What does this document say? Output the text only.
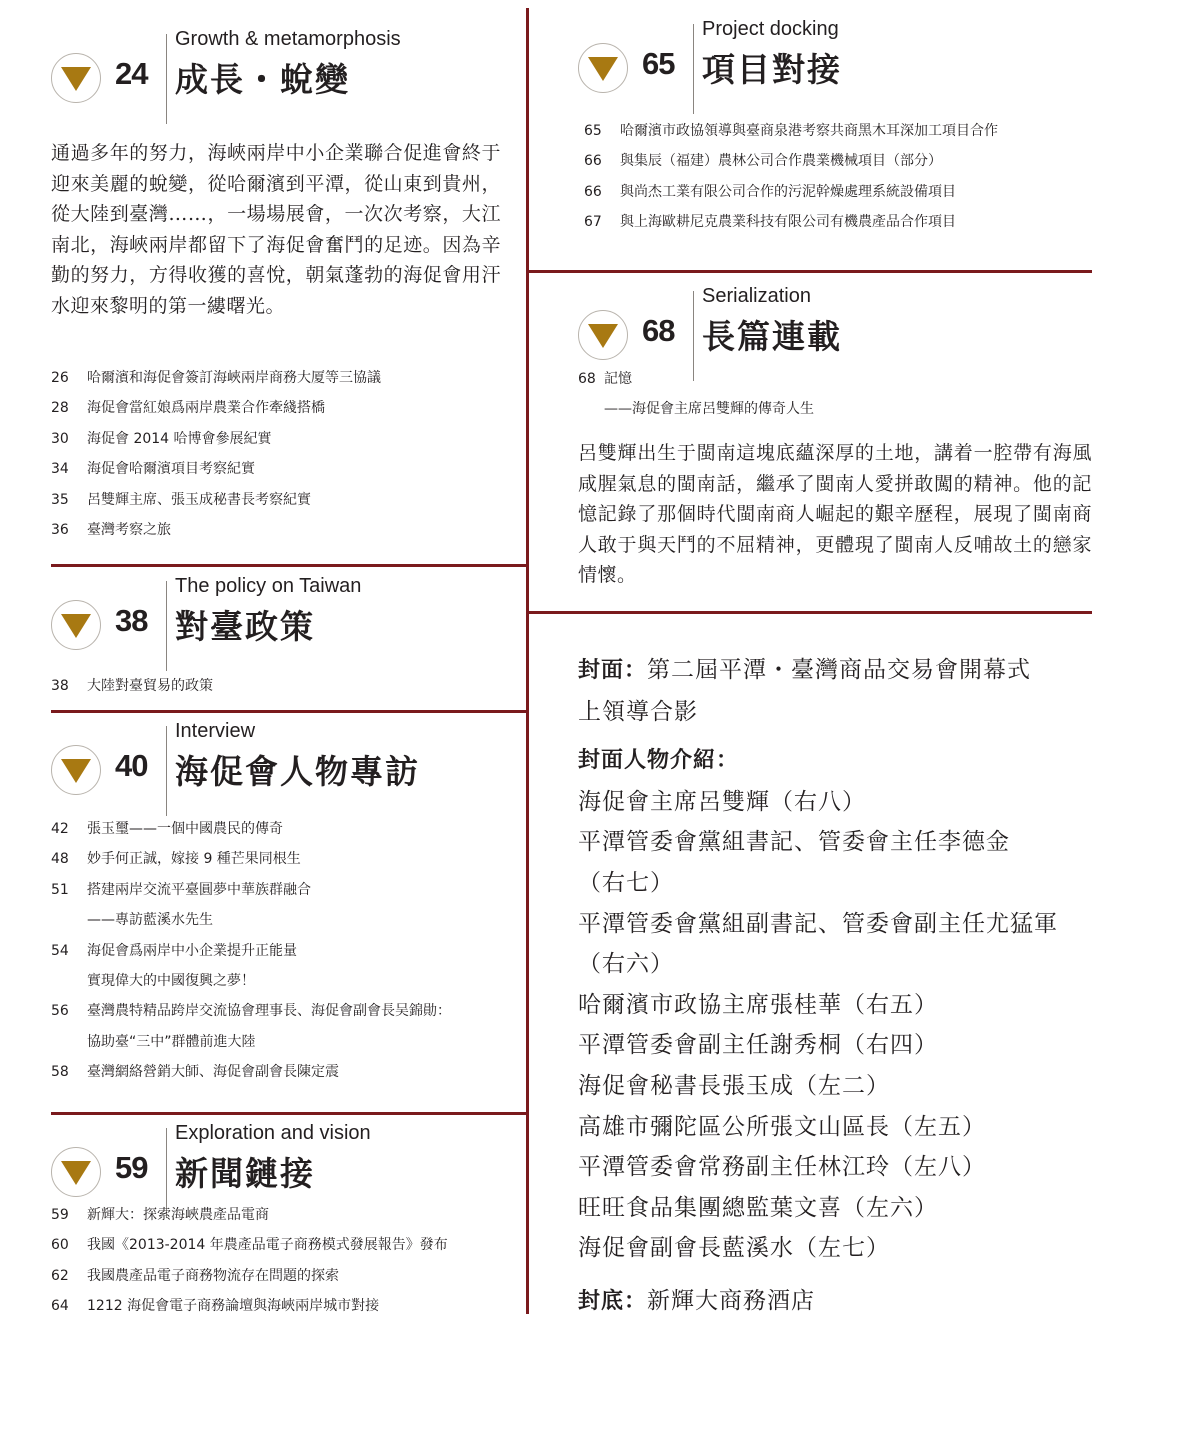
24
Growth & metamorphosis
成長・蛻變
通過多年的努力，海峽兩岸中小企業聯合促進會終于迎來美麗的蛻變，從哈爾濱到平潭，從山東到貴州，從大陸到臺灣……，一場場展會，一次次考察，大江南北，海峽兩岸都留下了海促會奮鬥的足迹。因為辛勤的努力，方得收獲的喜悅，朝氣蓬勃的海促會用汗水迎來黎明的第一縷曙光。
26 哈爾濱和海促會簽訂海峽兩岸商務大厦等三協議
28 海促會當紅娘爲兩岸農業合作牽綫搭橋
30 海促會 2014 哈博會參展紀實
34 海促會哈爾濱項目考察紀實
35 呂雙輝主席、張玉成秘書長考察紀實
36 臺灣考察之旅
38
The policy on Taiwan
對臺政策
38 大陸對臺貿易的政策
40
Interview
海促會人物專訪
42 張玉璽——一個中國農民的傳奇
48 妙手何正誠，嫁接 9 種芒果同根生
51 搭建兩岸交流平臺圓夢中華族群融合
——專訪藍溪水先生
54 海促會爲兩岸中小企業提升正能量
實現偉大的中國復興之夢！
56 臺灣農特精品跨岸交流協會理事長、海促會副會長吴錦勛：
協助臺“三中”群體前進大陸
58 臺灣網絡營銷大師、海促會副會長陳定震
59
Exploration and vision
新聞鏈接
59 新輝大：探索海峽農產品電商
60 我國《2013-2014 年農產品電子商務模式發展報告》發布
62 我國農產品電子商務物流存在問題的探索
64 1212 海促會電子商務論壇與海峽兩岸城市對接
65
Project docking
項目對接
65 哈爾濱市政協領導與臺商泉港考察共商黑木耳深加工項目合作
66 與集辰（福建）農林公司合作農業機械項目（部分）
66 與尚杰工業有限公司合作的污泥幹燥處理系統設備項目
67 與上海歐耕尼克農業科技有限公司有機農產品合作項目
68
Serialization
長篇連載
68 記憶
——海促會主席呂雙輝的傳奇人生
呂雙輝出生于閩南這塊底蘊深厚的土地，講着一腔帶有海風咸腥氣息的閩南話，繼承了閩南人愛拼敢闖的精神。他的記憶記錄了那個時代閩南商人崛起的艱辛歷程，展現了閩南商人敢于與天鬥的不屈精神，更體現了閩南人反哺故土的戀家情懷。
封面：第二屆平潭・臺灣商品交易會開幕式
上領導合影
封面人物介紹：
海促會主席呂雙輝（右八）
平潭管委會黨組書記、管委會主任李德金
（右七）
平潭管委會黨組副書記、管委會副主任尤猛軍
（右六）
哈爾濱市政協主席張桂華（右五）
平潭管委會副主任謝秀桐（右四）
海促會秘書長張玉成（左二）
高雄市彌陀區公所張文山區長（左五）
平潭管委會常務副主任林江玲（左八）
旺旺食品集團總監葉文喜（左六）
海促會副會長藍溪水（左七）
封底：新輝大商務酒店
